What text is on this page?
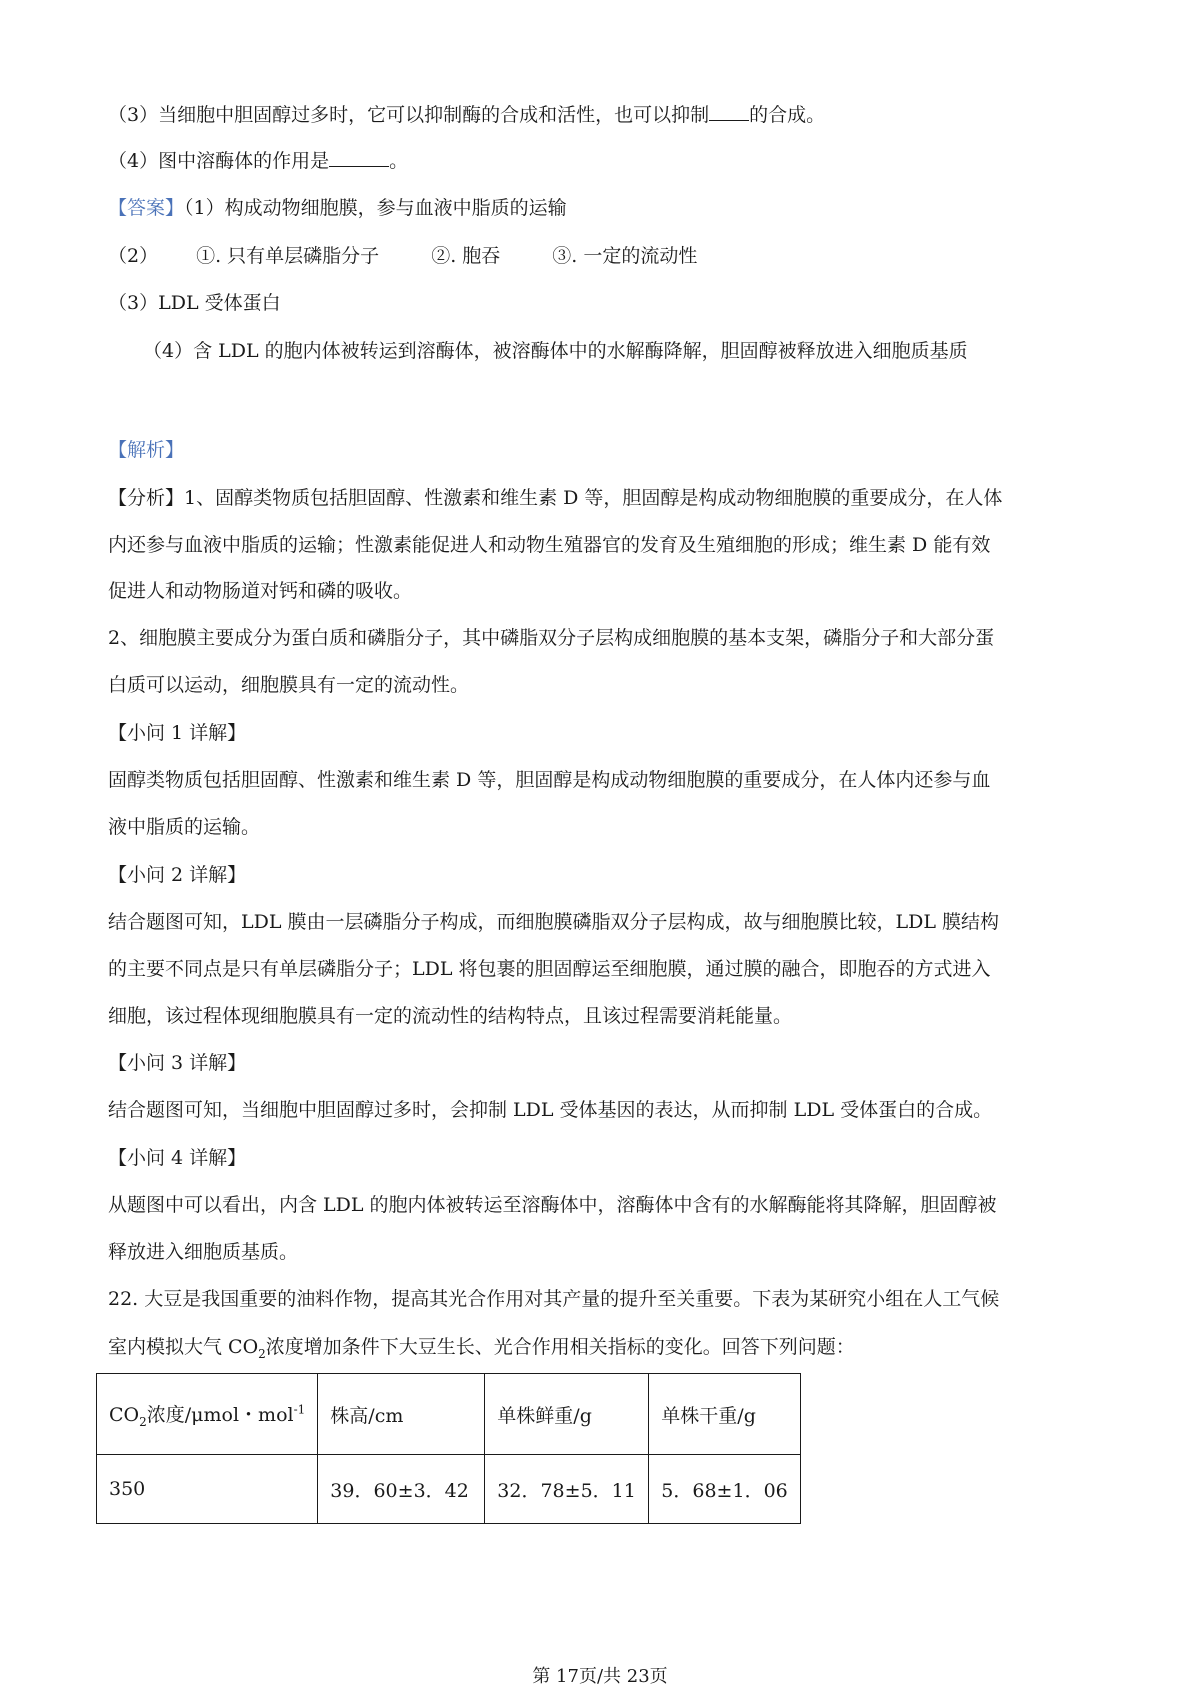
（3）当细胞中胆固醇过多时，它可以抑制酶的合成和活性，也可以抑制 的合成。
（4）图中溶酶体的作用是	。
【答案】（1）构成动物细胞膜，参与血液中脂质的运输
（2） ①. 只有单层磷脂分子	②. 胞吞	③. 一定的流动性
（3）LDL 受体蛋白
（4）含 LDL 的胞内体被转运到溶酶体，被溶酶体中的水解酶降解，胆固醇被释放进入细胞质基质
【解析】
【分析】1、固醇类物质包括胆固醇、性激素和维生素 D 等，胆固醇是构成动物细胞膜的重要成分，在人体
内还参与血液中脂质的运输；性激素能促进人和动物生殖器官的发育及生殖细胞的形成；维生素 D 能有效
促进人和动物肠道对钙和磷的吸收。
2、细胞膜主要成分为蛋白质和磷脂分子，其中磷脂双分子层构成细胞膜的基本支架，磷脂分子和大部分蛋
白质可以运动，细胞膜具有一定的流动性。
【小问 1 详解】
固醇类物质包括胆固醇、性激素和维生素 D 等，胆固醇是构成动物细胞膜的重要成分，在人体内还参与血
液中脂质的运输。
【小问 2 详解】
结合题图可知，LDL 膜由一层磷脂分子构成，而细胞膜磷脂双分子层构成，故与细胞膜比较，LDL 膜结构
的主要不同点是只有单层磷脂分子；LDL 将包裹的胆固醇运至细胞膜，通过膜的融合，即胞吞的方式进入
细胞，该过程体现细胞膜具有一定的流动性的结构特点，且该过程需要消耗能量。
【小问 3 详解】
结合题图可知，当细胞中胆固醇过多时，会抑制 LDL 受体基因的表达，从而抑制 LDL 受体蛋白的合成。
【小问 4 详解】
从题图中可以看出，内含 LDL 的胞内体被转运至溶酶体中，溶酶体中含有的水解酶能将其降解，胆固醇被
释放进入细胞质基质。
22. 大豆是我国重要的油料作物，提高其光合作用对其产量的提升至关重要。下表为某研究小组在人工气候
室内模拟大气 $CO_2$浓度增加条件下大豆生长、光合作用相关指标的变化。回答下列问题：
$CO_2$浓度/μmol・mol$^{-1}$	株高/cm	单株鲜重/g	单株干重/g
350	39．60±3．42	32．78±5．11	5．68±1．06
第 17页/共 23页
